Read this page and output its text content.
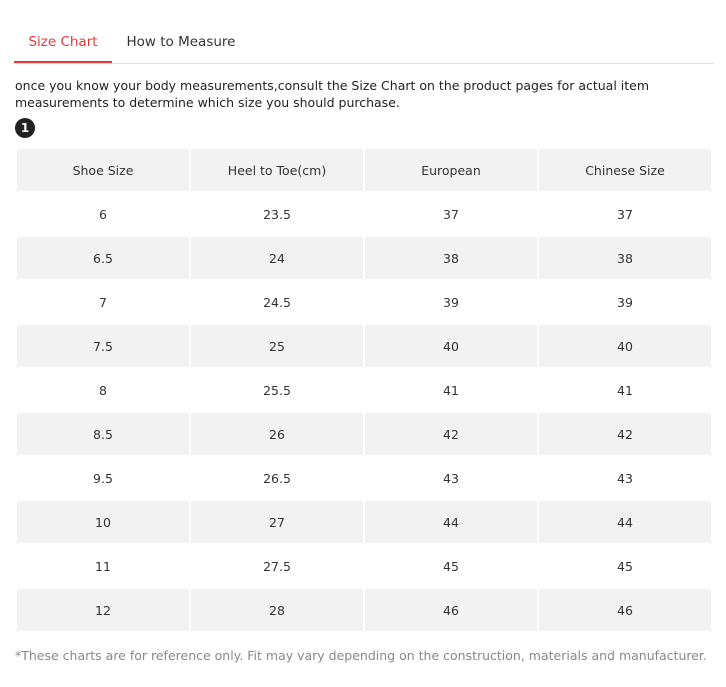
Size Chart	How to Measure
once you know your body measurements,consult the Size Chart on the product pages for actual item measurements to determine which size you should purchase.
1
Shoe Size	Heel to Toe(cm)	European	Chinese Size
6	23.5	37	37
6.5	24	38	38
7	24.5	39	39
7.5	25	40	40
8	25.5	41	41
8.5	26	42	42
9.5	26.5	43	43
10	27	44	44
11	27.5	45	45
12	28	46	46
*These charts are for reference only. Fit may vary depending on the construction, materials and manufacturer.
